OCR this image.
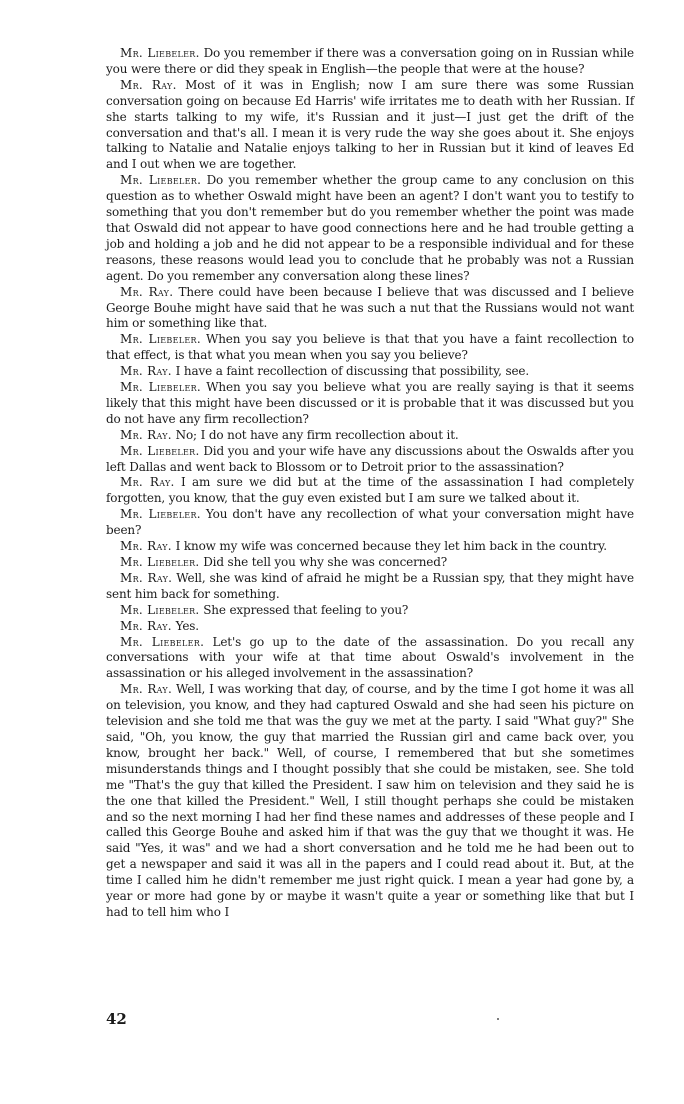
Mr. Liebeler. Do you remember if there was a conversation going on in Russian while you were there or did they speak in English—the people that were at the house?

Mr. Ray. Most of it was in English; now I am sure there was some Russian conversation going on because Ed Harris' wife irritates me to death with her Russian. If she starts talking to my wife, it's Russian and it just—I just get the drift of the conversation and that's all. I mean it is very rude the way she goes about it. She enjoys talking to Natalie and Natalie enjoys talking to her in Russian but it kind of leaves Ed and I out when we are together.

Mr. Liebeler. Do you remember whether the group came to any conclusion on this question as to whether Oswald might have been an agent? I don't want you to testify to something that you don't remember but do you remember whether the point was made that Oswald did not appear to have good connections here and he had trouble getting a job and holding a job and he did not appear to be a responsible individual and for these reasons, these reasons would lead you to conclude that he probably was not a Russian agent. Do you remember any conversation along these lines?

Mr. Ray. There could have been because I believe that was discussed and I believe George Bouhe might have said that he was such a nut that the Russians would not want him or something like that.

Mr. Liebeler. When you say you believe is that that you have a faint recollection to that effect, is that what you mean when you say you believe?

Mr. Ray. I have a faint recollection of discussing that possibility, see.

Mr. Liebeler. When you say you believe what you are really saying is that it seems likely that this might have been discussed or it is probable that it was discussed but you do not have any firm recollection?

Mr. Ray. No; I do not have any firm recollection about it.

Mr. Liebeler. Did you and your wife have any discussions about the Oswalds after you left Dallas and went back to Blossom or to Detroit prior to the assassination?

Mr. Ray. I am sure we did but at the time of the assassination I had completely forgotten, you know, that the guy even existed but I am sure we talked about it.

Mr. Liebeler. You don't have any recollection of what your conversation might have been?

Mr. Ray. I know my wife was concerned because they let him back in the country.

Mr. Liebeler. Did she tell you why she was concerned?

Mr. Ray. Well, she was kind of afraid he might be a Russian spy, that they might have sent him back for something.

Mr. Liebeler. She expressed that feeling to you?

Mr. Ray. Yes.

Mr. Liebeler. Let's go up to the date of the assassination. Do you recall any conversations with your wife at that time about Oswald's involvement in the assassination or his alleged involvement in the assassination?

Mr. Ray. Well, I was working that day, of course, and by the time I got home it was all on television, you know, and they had captured Oswald and she had seen his picture on television and she told me that was the guy we met at the party. I said "What guy?" She said, "Oh, you know, the guy that married the Russian girl and came back over, you know, brought her back." Well, of course, I remembered that but she sometimes misunderstands things and I thought possibly that she could be mistaken, see. She told me "That's the guy that killed the President. I saw him on television and they said he is the one that killed the President." Well, I still thought perhaps she could be mistaken and so the next morning I had her find these names and addresses of these people and I called this George Bouhe and asked him if that was the guy that we thought it was. He said "Yes, it was" and we had a short conversation and he told me he had been out to get a newspaper and said it was all in the papers and I could read about it. But, at the time I called him he didn't remember me just right quick. I mean a year had gone by, a year or more had gone by or maybe it wasn't quite a year or something like that but I had to tell him who I

42
